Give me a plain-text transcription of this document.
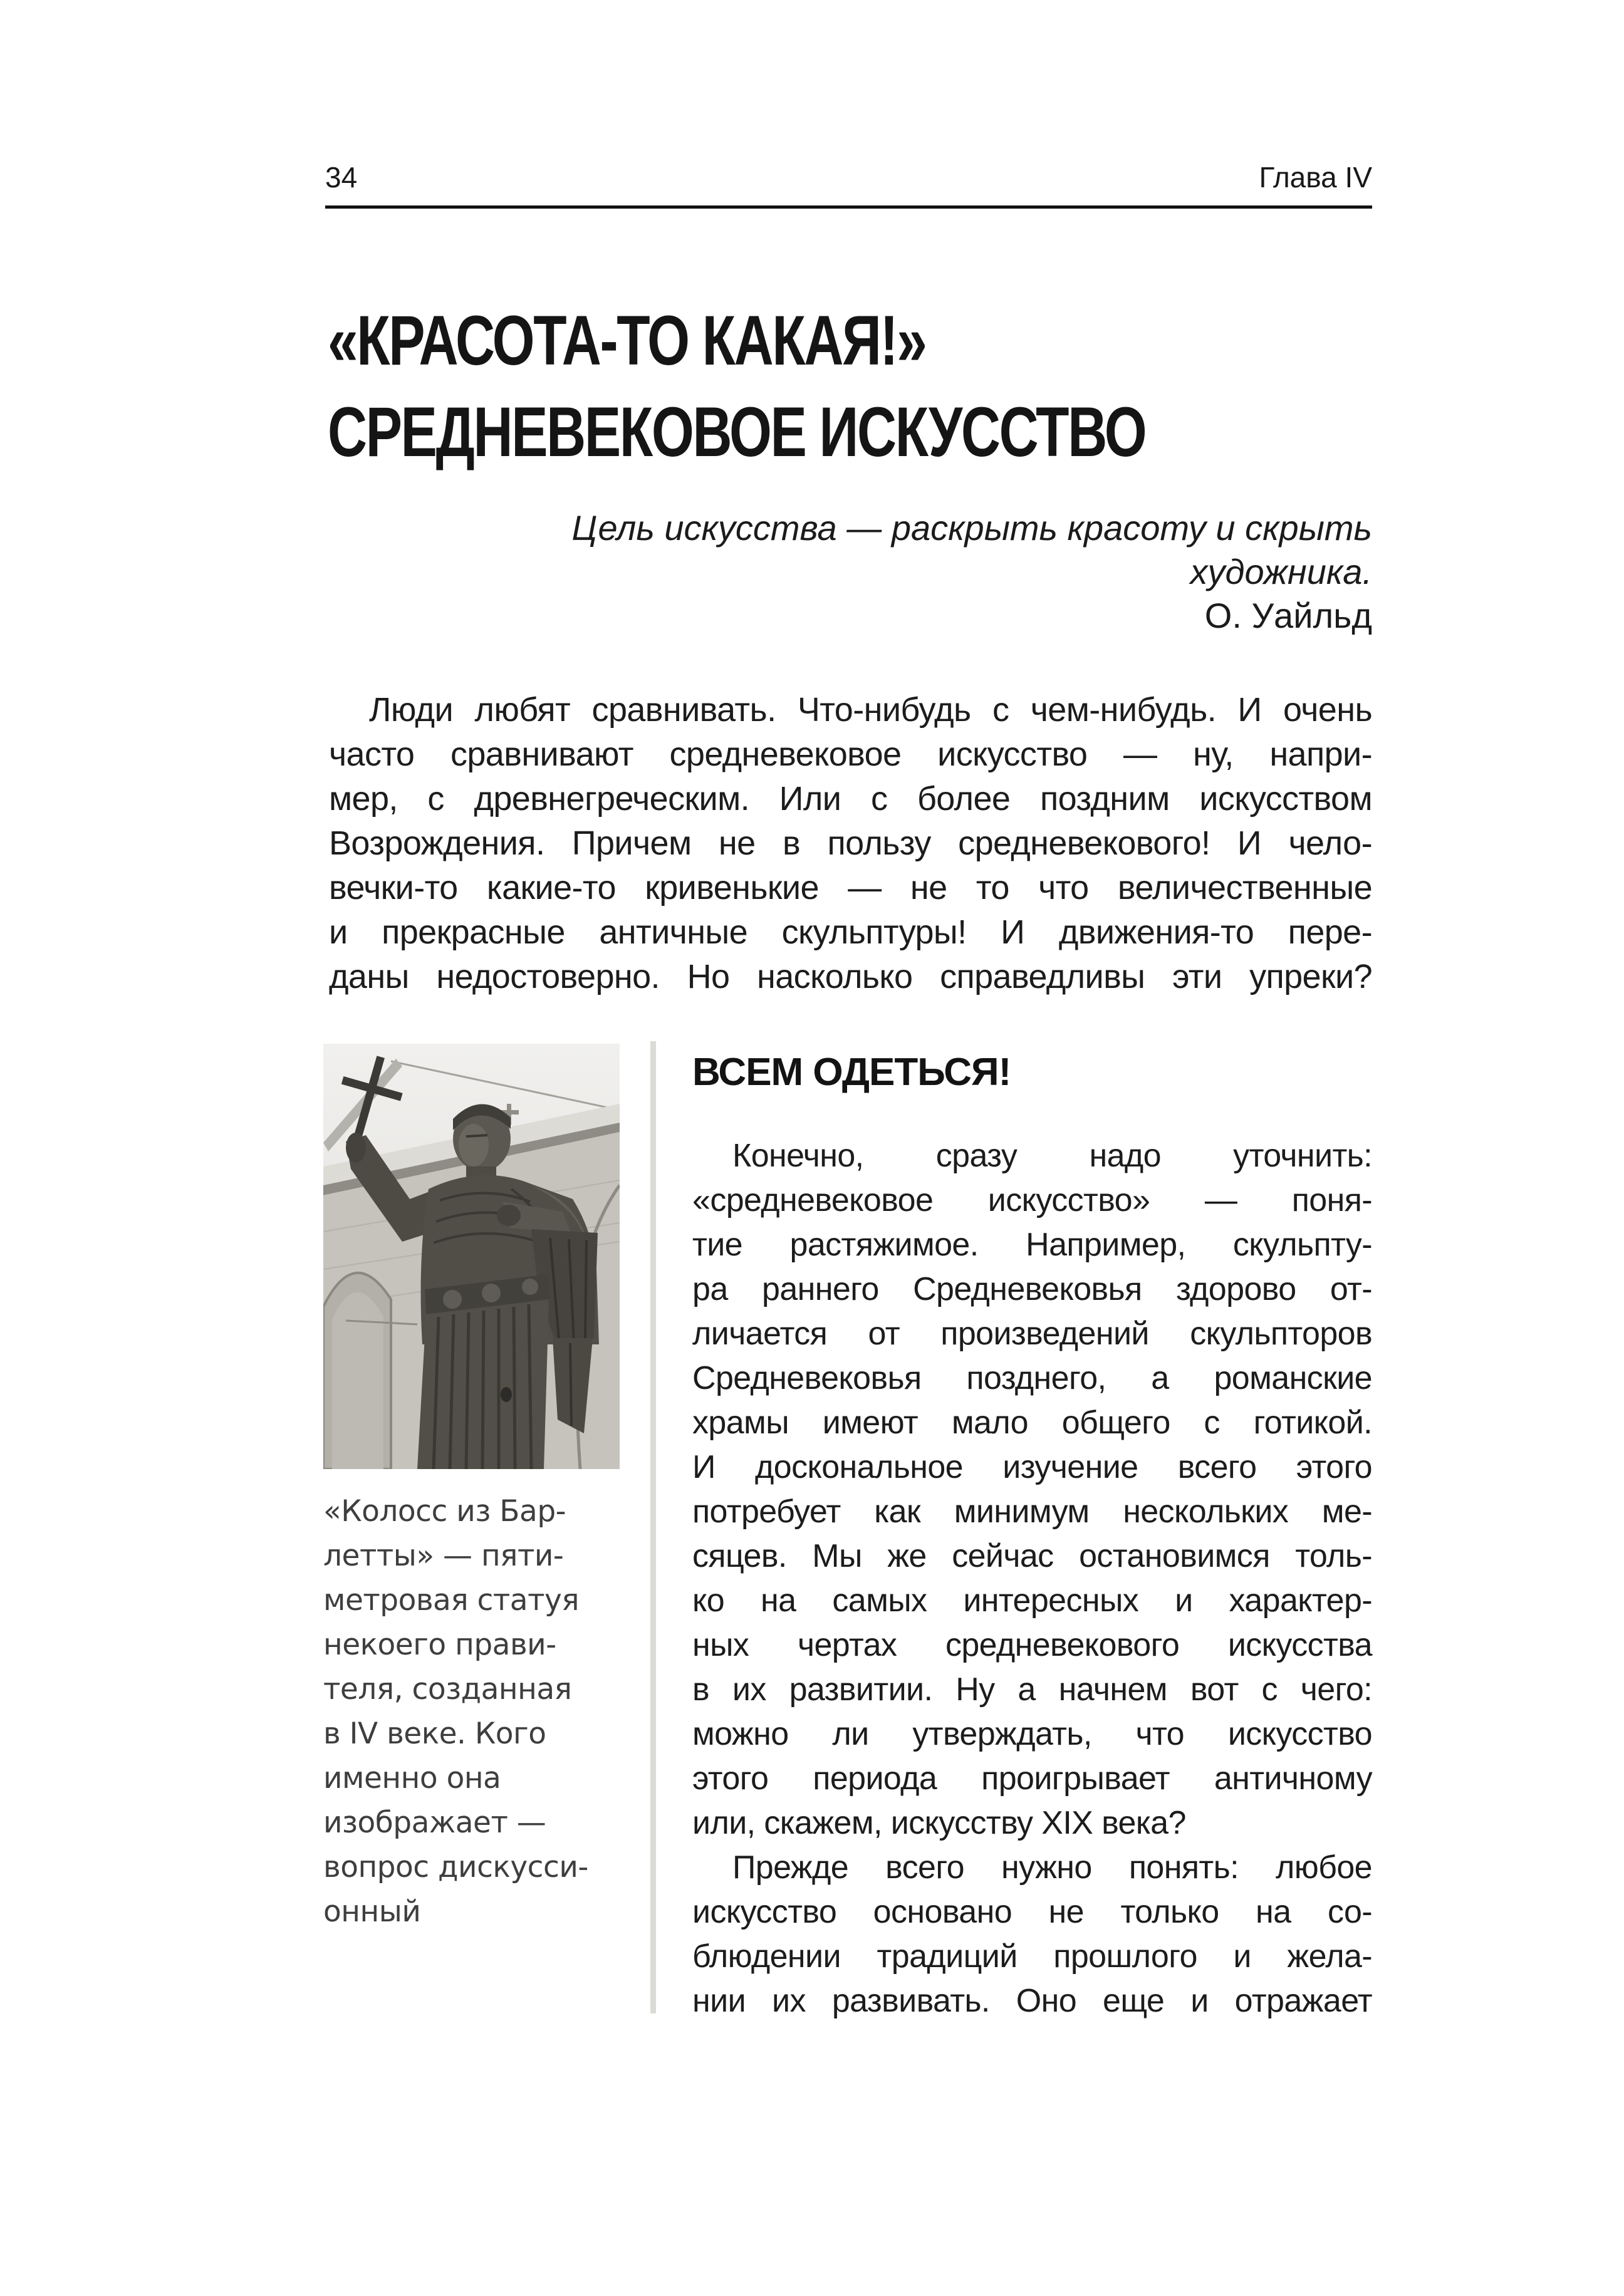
34	Глава IV
«КРАСОТА-ТО КАКАЯ!»
СРЕДНЕВЕКОВОЕ ИСКУССТВО
Цель искусства — раскрыть красоту и скрыть
художника.
О. Уайльд
Люди любят сравнивать. Что-нибудь с чем-нибудь. И очень
часто сравнивают средневековое искусство — ну, напри-
мер, с древнегреческим. Или с более поздним искусством
Возрождения. Причем не в пользу средневекового! И чело-
вечки-то какие-то кривенькие — не то что величественные
и прекрасные античные скульптуры! И движения-то пере-
даны недостоверно. Но насколько справедливы эти упреки?
«Колосс из Бар-
летты» — пяти-
метровая статуя
некоего прави-
теля, созданная
в IV веке. Кого
именно она
изображает —
вопрос дискусси-
онный
ВСЕМ ОДЕТЬСЯ!
Конечно, сразу надо уточнить:
«средневековое искусство» — поня-
тие растяжимое. Например, скульпту-
ра раннего Средневековья здорово от-
личается от произведений скульпторов
Средневековья позднего, а романские
храмы имеют мало общего с готикой.
И доскональное изучение всего этого
потребует как минимум нескольких ме-
сяцев. Мы же сейчас остановимся толь-
ко на самых интересных и характер-
ных чертах средневекового искусства
в их развитии. Ну а начнем вот с чего:
можно ли утверждать, что искусство
этого периода проигрывает античному
или, скажем, искусству XIX века?
Прежде всего нужно понять: любое
искусство основано не только на со-
блюдении традиций прошлого и жела-
нии их развивать. Оно еще и отражает
